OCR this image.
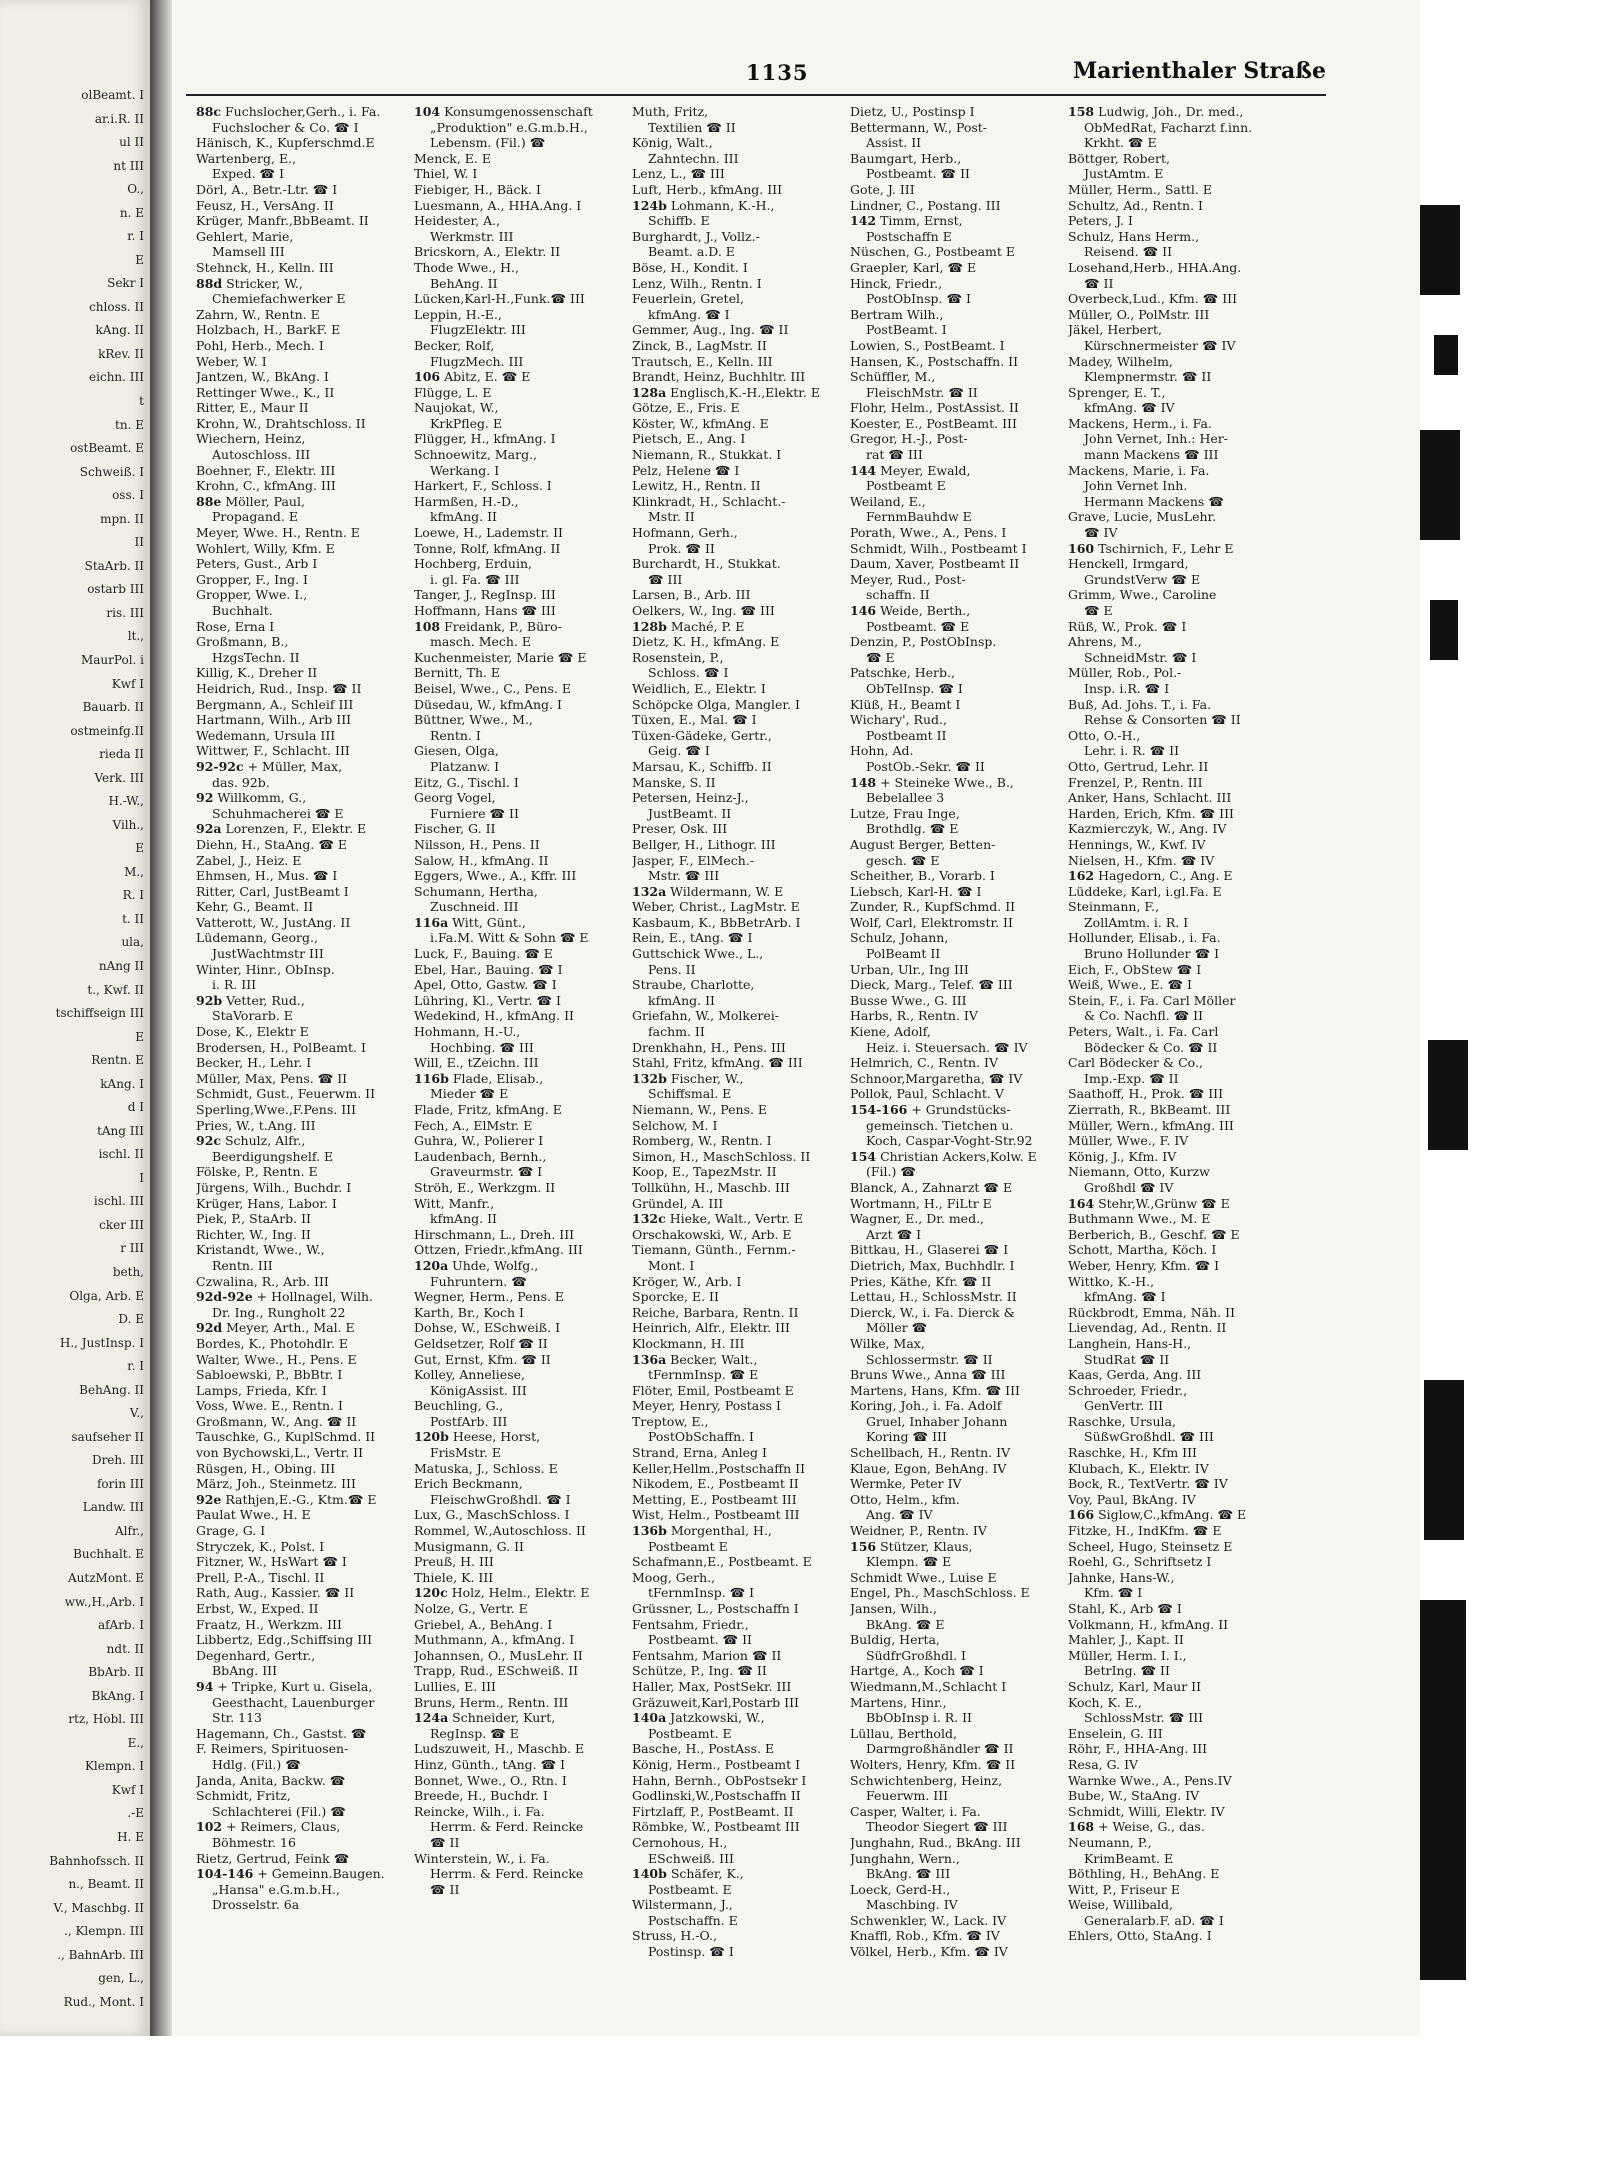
olBeamt. I
ar.i.R. II
ul II
nt III
O.,
n. E
r. I
E
Sekr I
chloss. II
kAng. II
kRev. II
eichn. III
t
tn. E
ostBeamt. E
Schweiß. I
oss. I
mpn. II
II
StaArb. II
ostarb III
ris. III
lt.,
MaurPol. i
Kwf I
Bauarb. II
ostmeinfg.II
rieda II
Verk. III
H.-W.,
Vilh.,
E
M.,
R. I
t. II
ula,
nAng II
t., Kwf. II
tschiffseign III
E
Rentn. E
kAng. I
d I
tAng III
ischl. II
I
ischl. III
cker III
r III
beth,
Olga, Arb. E
D. E
H., JustInsp. I
r. I
BehAng. II
V.,
saufseher II
Dreh. III
forin III
Landw. III
Alfr.,
Buchhalt. E
AutzMont. E
ww.,H.,Arb. I
afArb. I
ndt. II
BbArb. II
BkAng. I
rtz, Hobl. III
E.,
Klempn. I
Kwf I
.-E
H. E
Bahnhofssch. II
n., Beamt. II
V., Maschbg. II
., Klempn. III
., BahnArb. III
gen, L.,
Rud., Mont. I
1135	Marienthaler Straße
88c Fuchslocher,Gerh., i. Fa.
Fuchslocher & Co. ☎ I
Hänisch, K., Kupferschmd.E
Wartenberg, E.,
Exped. ☎ I
Dörl, A., Betr.-Ltr. ☎ I
Feusz, H., VersAng. II
Krüger, Manfr.,BbBeamt. II
Gehlert, Marie,
Mamsell III
Stehnck, H., Kelln. III
88d Stricker, W.,
Chemiefachwerker E
Zahrn, W., Rentn. E
Holzbach, H., BarkF. E
Pohl, Herb., Mech. I
Weber, W. I
Jantzen, W., BkAng. I
Rettinger Wwe., K., II
Ritter, E., Maur II
Krohn, W., Drahtschloss. II
Wiechern, Heinz,
Autoschloss. III
Boehner, F., Elektr. III
Krohn, C., kfmAng. III
88e Möller, Paul,
Propagand. E
Meyer, Wwe. H., Rentn. E
Wohlert, Willy, Kfm. E
Peters, Gust., Arb I
Gropper, F., Ing. I
Gropper, Wwe. I.,
Buchhalt.
Rose, Erna I
Großmann, B.,
HzgsTechn. II
Killig, K., Dreher II
Heidrich, Rud., Insp. ☎ II
Bergmann, A., Schleif III
Hartmann, Wilh., Arb III
Wedemann, Ursula III
Wittwer, F., Schlacht. III
92-92c + Müller, Max,
das. 92b.
92 Willkomm, G.,
Schuhmacherei ☎ E
92a Lorenzen, F., Elektr. E
Diehn, H., StaAng. ☎ E
Zabel, J., Heiz. E
Ehmsen, H., Mus. ☎ I
Ritter, Carl, JustBeamt I
Kehr, G., Beamt. II
Vatterott, W., JustAng. II
Lüdemann, Georg.,
JustWachtmstr III
Winter, Hinr., ObInsp.
i. R. III
92b Vetter, Rud.,
StaVorarb. E
Dose, K., Elektr E
Brodersen, H., PolBeamt. I
Becker, H., Lehr. I
Müller, Max, Pens. ☎ II
Schmidt, Gust., Feuerwm. II
Sperling,Wwe.,F.Pens. III
Pries, W., t.Ang. III
92c Schulz, Alfr.,
Beerdigungshelf. E
Fölske, P., Rentn. E
Jürgens, Wilh., Buchdr. I
Krüger, Hans, Labor. I
Piek, P., StaArb. II
Richter, W., Ing. II
Kristandt, Wwe., W.,
Rentn. III
Czwalina, R., Arb. III
92d-92e + Hollnagel, Wilh.
Dr. Ing., Rungholt 22
92d Meyer, Arth., Mal. E
Bordes, K., Photohdlr. E
Walter, Wwe., H., Pens. E
Sabloewski, P., BbBtr. I
Lamps, Frieda, Kfr. I
Voss, Wwe. E., Rentn. I
Großmann, W., Ang. ☎ II
Tauschke, G., KuplSchmd. II
von Bychowski,L., Vertr. II
Rüsgen, H., Obing. III
März, Joh., Steinmetz. III
92e Rathjen,E.-G., Ktm.☎ E
Paulat Wwe., H. E
Grage, G. I
Stryczek, K., Polst. I
Fitzner, W., HsWart ☎ I
Prell, P.-A., Tischl. II
Rath, Aug., Kassier. ☎ II
Erbst, W., Exped. II
Fraatz, H., Werkzm. III
Libbertz, Edg.,Schiffsing III
Degenhard, Gertr.,
BbAng. III
94 + Tripke, Kurt u. Gisela,
Geesthacht, Lauenburger
Str. 113
Hagemann, Ch., Gastst. ☎
F. Reimers, Spirituosen-
Hdlg. (Fil.) ☎
Janda, Anita, Backw. ☎
Schmidt, Fritz,
Schlachterei (Fil.) ☎
102 + Reimers, Claus,
Böhmestr. 16
Rietz, Gertrud, Feink ☎
104-146 + Gemeinn.Baugen.
„Hansa" e.G.m.b.H.,
Drosselstr. 6a
104 Konsumgenossenschaft
„Produktion" e.G.m.b.H.,
Lebensm. (Fil.) ☎
Menck, E. E
Thiel, W. I
Fiebiger, H., Bäck. I
Luesmann, A., HHA.Ang. I
Heidester, A.,
Werkmstr. III
Bricskorn, A., Elektr. II
Thode Wwe., H.,
BehAng. II
Lücken,Karl-H.,Funk.☎ III
Leppin, H.-E.,
FlugzElektr. III
Becker, Rolf,
FlugzMech. III
106 Abitz, E. ☎ E
Flügge, L. E
Naujokat, W.,
KrkPfleg. E
Flügger, H., kfmAng. I
Schnoewitz, Marg.,
Werkang. I
Harkert, F., Schloss. I
Harmßen, H.-D.,
kfmAng. II
Loewe, H., Lademstr. II
Tonne, Rolf, kfmAng. II
Hochberg, Erduin,
i. gl. Fa. ☎ III
Tanger, J., RegInsp. III
Hoffmann, Hans ☎ III
108 Freidank, P., Büro-
masch. Mech. E
Kuchenmeister, Marie ☎ E
Bernitt, Th. E
Beisel, Wwe., C., Pens. E
Düsedau, W., kfmAng. I
Büttner, Wwe., M.,
Rentn. I
Giesen, Olga,
Platzanw. I
Eitz, G., Tischl. I
Georg Vogel,
Furniere ☎ II
Fischer, G. II
Nilsson, H., Pens. II
Salow, H., kfmAng. II
Eggers, Wwe., A., Kffr. III
Schumann, Hertha,
Zuschneid. III
116a Witt, Günt.,
i.Fa.M. Witt & Sohn ☎ E
Luck, F., Bauing. ☎ E
Ebel, Har., Bauing. ☎ I
Apel, Otto, Gastw. ☎ I
Lühring, Kl., Vertr. ☎ I
Wedekind, H., kfmAng. II
Hohmann, H.-U.,
Hochbing. ☎ III
Will, E., tZeichn. III
116b Flade, Elisab.,
Mieder ☎ E
Flade, Fritz, kfmAng. E
Fech, A., ElMstr. E
Guhra, W., Polierer I
Laudenbach, Bernh.,
Graveurmstr. ☎ I
Ströh, E., Werkzgm. II
Witt, Manfr.,
kfmAng. II
Hirschmann, L., Dreh. III
Ottzen, Friedr.,kfmAng. III
120a Uhde, Wolfg.,
Fuhruntern. ☎
Wegner, Herm., Pens. E
Karth, Br., Koch I
Dohse, W., ESchweiß. I
Geldsetzer, Rolf ☎ II
Gut, Ernst, Kfm. ☎ II
Kolley, Anneliese,
KönigAssist. III
Beuchling, G.,
PostfArb. III
120b Heese, Horst,
FrisMstr. E
Matuska, J., Schloss. E
Erich Beckmann,
FleischwGroßhdl. ☎ I
Lux, G., MaschSchloss. I
Rommel, W.,Autoschloss. II
Musigmann, G. II
Preuß, H. III
Thiele, K. III
120c Holz, Helm., Elektr. E
Nolze, G., Vertr. E
Griebel, A., BehAng. I
Muthmann, A., kfmAng. I
Johannsen, O., MusLehr. II
Trapp, Rud., ESchweiß. II
Lullies, E. III
Bruns, Herm., Rentn. III
124a Schneider, Kurt,
RegInsp. ☎ E
Ludszuweit, H., Maschb. E
Hinz, Günth., tAng. ☎ I
Bonnet, Wwe., O., Rtn. I
Breede, H., Buchdr. I
Reincke, Wilh., i. Fa.
Herrm. & Ferd. Reincke
☎ II
Winterstein, W., i. Fa.
Herrm. & Ferd. Reincke
☎ II
Muth, Fritz,
Textilien ☎ II
König, Walt.,
Zahntechn. III
Lenz, L., ☎ III
Luft, Herb., kfmAng. III
124b Lohmann, K.-H.,
Schiffb. E
Burghardt, J., Vollz.-
Beamt. a.D. E
Böse, H., Kondit. I
Lenz, Wilh., Rentn. I
Feuerlein, Gretel,
kfmAng. ☎ I
Gemmer, Aug., Ing. ☎ II
Zinck, B., LagMstr. II
Trautsch, E., Kelln. III
Brandt, Heinz, Buchhltr. III
128a Englisch,K.-H.,Elektr. E
Götze, E., Fris. E
Köster, W., kfmAng. E
Pietsch, E., Ang. I
Niemann, R., Stukkat. I
Pelz, Helene ☎ I
Lewitz, H., Rentn. II
Klinkradt, H., Schlacht.-
Mstr. II
Hofmann, Gerh.,
Prok. ☎ II
Burchardt, H., Stukkat.
☎ III
Larsen, B., Arb. III
Oelkers, W., Ing. ☎ III
128b Maché, P. E
Dietz, K. H., kfmAng. E
Rosenstein, P.,
Schloss. ☎ I
Weidlich, E., Elektr. I
Schöpcke Olga, Mangler. I
Tüxen, E., Mal. ☎ I
Tüxen-Gädeke, Gertr.,
Geig. ☎ I
Marsau, K., Schiffb. II
Manske, S. II
Petersen, Heinz-J.,
JustBeamt. II
Preser, Osk. III
Bellger, H., Lithogr. III
Jasper, F., ElMech.-
Mstr. ☎ III
132a Wildermann, W. E
Weber, Christ., LagMstr. E
Kasbaum, K., BbBetrArb. I
Rein, E., tAng. ☎ I
Guttschick Wwe., L.,
Pens. II
Straube, Charlotte,
kfmAng. II
Griefahn, W., Molkerei-
fachm. II
Drenkhahn, H., Pens. III
Stahl, Fritz, kfmAng. ☎ III
132b Fischer, W.,
Schiffsmal. E
Niemann, W., Pens. E
Selchow, M. I
Romberg, W., Rentn. I
Simon, H., MaschSchloss. II
Koop, E., TapezMstr. II
Tollkühn, H., Maschb. III
Gründel, A. III
132c Hieke, Walt., Vertr. E
Orschakowski, W., Arb. E
Tiemann, Günth., Fernm.-
Mont. I
Kröger, W., Arb. I
Sporcke, E. II
Reiche, Barbara, Rentn. II
Heinrich, Alfr., Elektr. III
Klockmann, H. III
136a Becker, Walt.,
tFernmInsp. ☎ E
Flöter, Emil, Postbeamt E
Meyer, Henry, Postass I
Treptow, E.,
PostObSchaffn. I
Strand, Erna, Anleg I
Keller,Hellm.,Postschaffn II
Nikodem, E., Postbeamt II
Metting, E., Postbeamt III
Wist, Helm., Postbeamt III
136b Morgenthal, H.,
Postbeamt E
Schafmann,E., Postbeamt. E
Moog, Gerh.,
tFernmInsp. ☎ I
Grüssner, L., Postschaffn I
Fentsahm, Friedr.,
Postbeamt. ☎ II
Fentsahm, Marion ☎ II
Schütze, P., Ing. ☎ II
Haller, Max, PostSekr. III
Gräzuweit,Karl,Postarb III
140a Jatzkowski, W.,
Postbeamt. E
Basche, H., PostAss. E
König, Herm., Postbeamt I
Hahn, Bernh., ObPostsekr I
Godlinski,W.,Postschaffn II
Firtzlaff, P., PostBeamt. II
Römbke, W., Postbeamt III
Cernohous, H.,
ESchweiß. III
140b Schäfer, K.,
Postbeamt. E
Wilstermann, J.,
Postschaffn. E
Struss, H.-O.,
Postinsp. ☎ I
Dietz, U., Postinsp I
Bettermann, W., Post-
Assist. II
Baumgart, Herb.,
Postbeamt. ☎ II
Gote, J. III
Lindner, C., Postang. III
142 Timm, Ernst,
Postschaffn E
Nüschen, G., Postbeamt E
Graepler, Karl, ☎ E
Hinck, Friedr.,
PostObInsp. ☎ I
Bertram Wilh.,
PostBeamt. I
Lowien, S., PostBeamt. I
Hansen, K., Postschaffn. II
Schüffler, M.,
FleischMstr. ☎ II
Flohr, Helm., PostAssist. II
Koester, E., PostBeamt. III
Gregor, H.-J., Post-
rat ☎ III
144 Meyer, Ewald,
Postbeamt E
Weiland, E.,
FernmBauhdw E
Porath, Wwe., A., Pens. I
Schmidt, Wilh., Postbeamt I
Daum, Xaver, Postbeamt II
Meyer, Rud., Post-
schaffn. II
146 Weide, Berth.,
Postbeamt. ☎ E
Denzin, P., PostObInsp.
☎ E
Patschke, Herb.,
ObTelInsp. ☎ I
Klüß, H., Beamt I
Wichary', Rud.,
Postbeamt II
Hohn, Ad.
PostOb.-Sekr. ☎ II
148 + Steineke Wwe., B.,
Bebelallee 3
Lutze, Frau Inge,
Brothdlg. ☎ E
August Berger, Betten-
gesch. ☎ E
Scheither, B., Vorarb. I
Liebsch, Karl-H. ☎ I
Zunder, R., KupfSchmd. II
Wolf, Carl, Elektromstr. II
Schulz, Johann,
PolBeamt II
Urban, Ulr., Ing III
Dieck, Marg., Telef. ☎ III
Busse Wwe., G. III
Harbs, R., Rentn. IV
Kiene, Adolf,
Heiz. i. Steuersach. ☎ IV
Helmrich, C., Rentn. IV
Schnoor,Margaretha, ☎ IV
Pollok, Paul, Schlacht. V
154-166 + Grundstücks-
gemeinsch. Tietchen u.
Koch, Caspar-Voght-Str.92
154 Christian Ackers,Kolw. E
(Fil.) ☎
Blanck, A., Zahnarzt ☎ E
Wortmann, H., FiLtr E
Wagner, E., Dr. med.,
Arzt ☎ I
Bittkau, H., Glaserei ☎ I
Dietrich, Max, Buchhdlr. I
Pries, Käthe, Kfr. ☎ II
Lettau, H., SchlossMstr. II
Dierck, W., i. Fa. Dierck &
Möller ☎
Wilke, Max,
Schlossermstr. ☎ II
Bruns Wwe., Anna ☎ III
Martens, Hans, Kfm. ☎ III
Koring, Joh., i. Fa. Adolf
Gruel, Inhaber Johann
Koring ☎ III
Schellbach, H., Rentn. IV
Klaue, Egon, BehAng. IV
Wermke, Peter IV
Otto, Helm., kfm.
Ang. ☎ IV
Weidner, P., Rentn. IV
156 Stützer, Klaus,
Klempn. ☎ E
Schmidt Wwe., Luise E
Engel, Ph., MaschSchloss. E
Jansen, Wilh.,
BkAng. ☎ E
Buldig, Herta,
SüdfrGroßhdl. I
Hartge, A., Koch ☎ I
Wiedmann,M.,Schlacht I
Martens, Hinr.,
BbObInsp i. R. II
Lüllau, Berthold,
Darmgroßhändler ☎ II
Wolters, Henry, Kfm. ☎ II
Schwichtenberg, Heinz,
Feuerwm. III
Casper, Walter, i. Fa.
Theodor Siegert ☎ III
Junghahn, Rud., BkAng. III
Junghahn, Wern.,
BkAng. ☎ III
Loeck, Gerd-H.,
Maschbing. IV
Schwenkler, W., Lack. IV
Knaffl, Rob., Kfm. ☎ IV
Völkel, Herb., Kfm. ☎ IV
158 Ludwig, Joh., Dr. med.,
ObMedRat, Facharzt f.inn.
Krkht. ☎ E
Böttger, Robert,
JustAmtm. E
Müller, Herm., Sattl. E
Schultz, Ad., Rentn. I
Peters, J. I
Schulz, Hans Herm.,
Reisend. ☎ II
Losehand,Herb., HHA.Ang.
☎ II
Overbeck,Lud., Kfm. ☎ III
Müller, O., PolMstr. III
Jäkel, Herbert,
Kürschnermeister ☎ IV
Madey, Wilhelm,
Klempnermstr. ☎ II
Sprenger, E. T.,
kfmAng. ☎ IV
Mackens, Herm., i. Fa.
John Vernet, Inh.: Her-
mann Mackens ☎ III
Mackens, Marie, i. Fa.
John Vernet Inh.
Hermann Mackens ☎
Grave, Lucie, MusLehr.
☎ IV
160 Tschirnich, F., Lehr E
Henckell, Irmgard,
GrundstVerw ☎ E
Grimm, Wwe., Caroline
☎ E
Rüß, W., Prok. ☎ I
Ahrens, M.,
SchneidMstr. ☎ I
Müller, Rob., Pol.-
Insp. i.R. ☎ I
Buß, Ad. Johs. T., i. Fa.
Rehse & Consorten ☎ II
Otto, O.-H.,
Lehr. i. R. ☎ II
Otto, Gertrud, Lehr. II
Frenzel, P., Rentn. III
Anker, Hans, Schlacht. III
Harden, Erich, Kfm. ☎ III
Kazmierczyk, W., Ang. IV
Hennings, W., Kwf. IV
Nielsen, H., Kfm. ☎ IV
162 Hagedorn, C., Ang. E
Lüddeke, Karl, i.gl.Fa. E
Steinmann, F.,
ZollAmtm. i. R. I
Hollunder, Elisab., i. Fa.
Bruno Hollunder ☎ I
Eich, F., ObStew ☎ I
Weiß, Wwe., E. ☎ I
Stein, F., i. Fa. Carl Möller
& Co. Nachfl. ☎ II
Peters, Walt., i. Fa. Carl
Bödecker & Co. ☎ II
Carl Bödecker & Co.,
Imp.-Exp. ☎ II
Saathoff, H., Prok. ☎ III
Zierrath, R., BkBeamt. III
Müller, Wern., kfmAng. III
Müller, Wwe., F. IV
König, J., Kfm. IV
Niemann, Otto, Kurzw
Großhdl ☎ IV
164 Stehr,W.,Grünw ☎ E
Buthmann Wwe., M. E
Berberich, B., Geschf. ☎ E
Schott, Martha, Köch. I
Weber, Henry, Kfm. ☎ I
Wittko, K.-H.,
kfmAng. ☎ I
Rückbrodt, Emma, Näh. II
Lievendag, Ad., Rentn. II
Langhein, Hans-H.,
StudRat ☎ II
Kaas, Gerda, Ang. III
Schroeder, Friedr.,
GenVertr. III
Raschke, Ursula,
SüßwGroßhdl. ☎ III
Raschke, H., Kfm III
Klubach, K., Elektr. IV
Bock, R., TextVertr. ☎ IV
Voy, Paul, BkAng. IV
166 Siglow,C.,kfmAng. ☎ E
Fitzke, H., IndKfm. ☎ E
Scheel, Hugo, Steinsetz E
Roehl, G., Schriftsetz I
Jahnke, Hans-W.,
Kfm. ☎ I
Stahl, K., Arb ☎ I
Volkmann, H., kfmAng. II
Mahler, J., Kapt. II
Müller, Herm. I. I.,
BetrIng. ☎ II
Schulz, Karl, Maur II
Koch, K. E.,
SchlossMstr. ☎ III
Enselein, G. III
Röhr, F., HHA-Ang. III
Resa, G. IV
Warnke Wwe., A., Pens.IV
Bube, W., StaAng. IV
Schmidt, Willi, Elektr. IV
168 + Weise, G., das.
Neumann, P.,
KrimBeamt. E
Böthling, H., BehAng. E
Witt, P., Friseur E
Weise, Willibald,
Generalarb.F. aD. ☎ I
Ehlers, Otto, StaAng. I
